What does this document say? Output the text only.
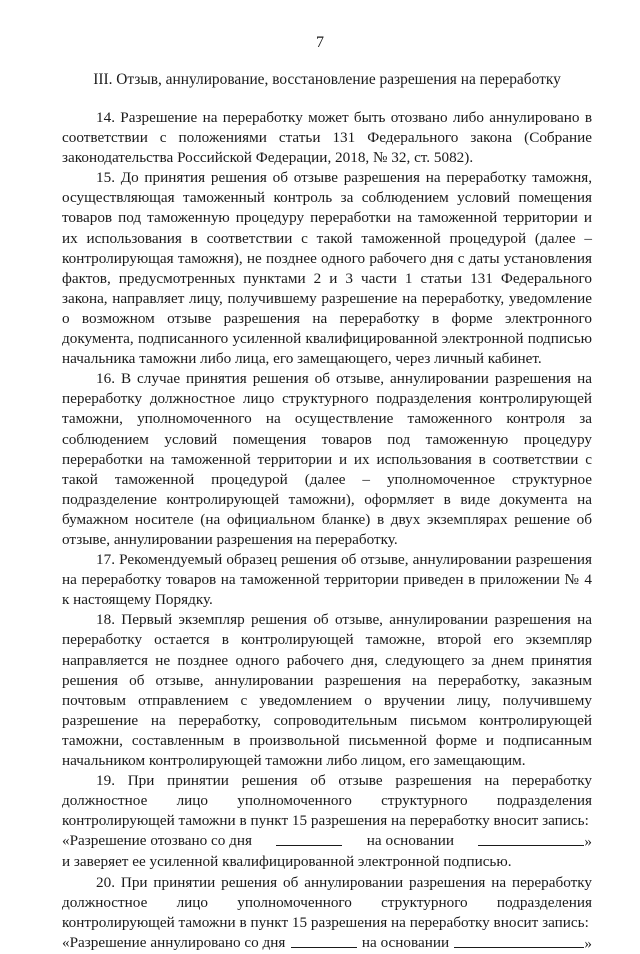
7
III. Отзыв, аннулирование, восстановление разрешения на переработку

14. Разрешение на переработку может быть отозвано либо аннулировано в соответствии с положениями статьи 131 Федерального закона (Собрание законодательства Российской Федерации, 2018, № 32, ст. 5082).

15. До принятия решения об отзыве разрешения на переработку таможня, осуществляющая таможенный контроль за соблюдением условий помещения товаров под таможенную процедуру переработки на таможенной территории и их использования в соответствии с такой таможенной процедурой (далее – контролирующая таможня), не позднее одного рабочего дня с даты установления фактов, предусмотренных пунктами 2 и 3 части 1 статьи 131 Федерального закона, направляет лицу, получившему разрешение на переработку, уведомление о возможном отзыве разрешения на переработку в форме электронного документа, подписанного усиленной квалифицированной электронной подписью начальника таможни либо лица, его замещающего, через личный кабинет.

16. В случае принятия решения об отзыве, аннулировании разрешения на переработку должностное лицо структурного подразделения контролирующей таможни, уполномоченного на осуществление таможенного контроля за соблюдением условий помещения товаров под таможенную процедуру переработки на таможенной территории и их использования в соответствии с такой таможенной процедурой (далее – уполномоченное структурное подразделение контролирующей таможни), оформляет в виде документа на бумажном носителе (на официальном бланке) в двух экземплярах решение об отзыве, аннулировании разрешения на переработку.

17. Рекомендуемый образец решения об отзыве, аннулировании разрешения на переработку товаров на таможенной территории приведен в приложении № 4 к настоящему Порядку.

18. Первый экземпляр решения об отзыве, аннулировании разрешения на переработку остается в контролирующей таможне, второй его экземпляр направляется не позднее одного рабочего дня, следующего за днем принятия решения об отзыве, аннулировании разрешения на переработку, заказным почтовым отправлением с уведомлением о вручении лицу, получившему разрешение на переработку, сопроводительным письмом контролирующей таможни, составленным в произвольной письменной форме и подписанным начальником контролирующей таможни либо лицом, его замещающим.

19. При принятии решения об отзыве разрешения на переработку должностное лицо уполномоченного структурного подразделения контролирующей таможни в пункт 15 разрешения на переработку вносит запись:

«Разрешение отозвано со дня	на основании	»
и заверяет ее усиленной квалифицированной электронной подписью.

20. При принятии решения об аннулировании разрешения на переработку должностное лицо уполномоченного структурного подразделения контролирующей таможни в пункт 15 разрешения на переработку вносит запись:

«Разрешение аннулировано со дня	на основании	»
